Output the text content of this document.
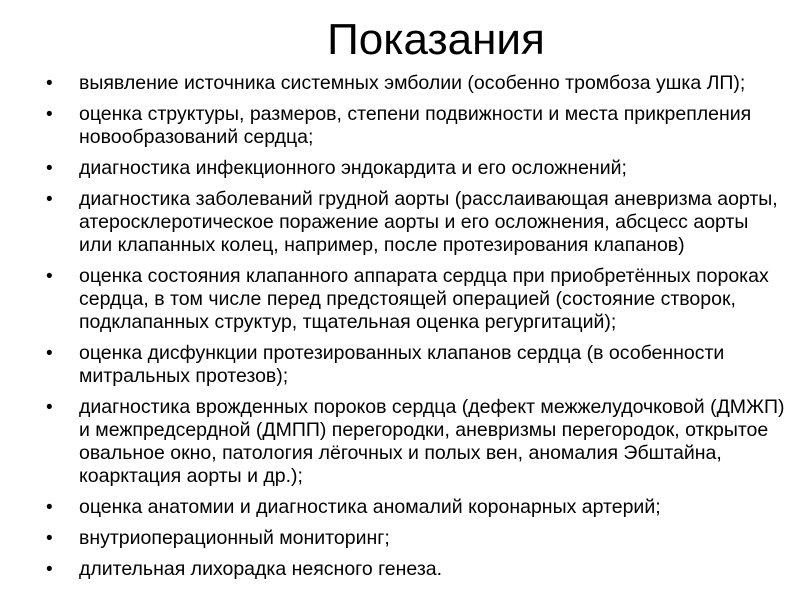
Показания
• выявление источника системных эмболии (особенно тромбоза ушка ЛП);
• оценка структуры, размеров, степени подвижности и места прикрепления новообразований сердца;
• диагностика инфекционного эндокардита и его осложнений;
• диагностика заболеваний грудной аорты (расслаивающая аневризма аорты, атеросклеротическое поражение аорты и его осложнения, абсцесс аорты или клапанных колец, например, после протезирования клапанов)
• оценка состояния клапанного аппарата сердца при приобретённых пороках сердца, в том числе перед предстоящей операцией (состояние створок, подклапанных структур, тщательная оценка регургитаций);
• оценка дисфункции протезированных клапанов сердца (в особенности митральных протезов);
• диагностика врожденных пороков сердца (дефект межжелудочковой (ДМЖП) и межпредсердной (ДМПП) перегородки, аневризмы перегородок, открытое овальное окно, патология лёгочных и полых вен, аномалия Эбштайна, коарктация аорты и др.);
• оценка анатомии и диагностика аномалий коронарных артерий;
• внутриоперационный мониторинг;
• длительная лихорадка неясного генеза.
